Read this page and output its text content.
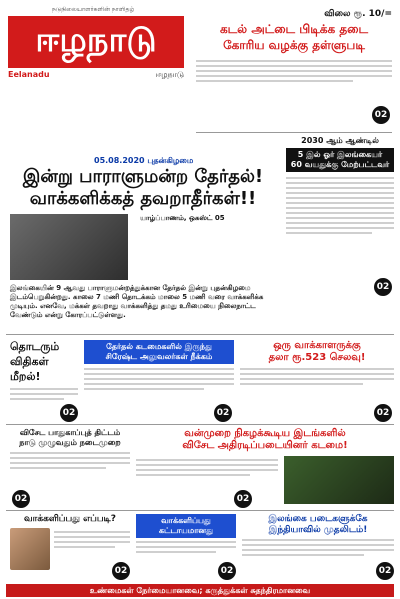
நடுநிலையாளர்களின் நாளிதழ்
ஈழநாடு
Eelanadu	ஈழநாடு
05.08.2020 புதன்கிழமை
விலை ரூ. 10/=
கடல் அட்டை பிடிக்க தடை
கோரிய வழக்கு தள்ளுபடி
02
இன்று பாராளுமன்ற தேர்தல்!
வாக்களிக்கத் தவறாதீர்கள்!!
யாழ்ப்பாணம், ஒகஸ்ட் 05
இலங்கையின் 9 ஆவது பாராளுமன்றத்துக்கான தேர்தல் இன்று புதன்கிழமை இடம்பெறுகின்றது. காலை 7 மணி தொடக்கம் மாலை 5 மணி வரை வாக்களிக்க முடியும். எனவே, மக்கள் தவறாது வாக்களித்து தமது உரிமையை நிலைநாட்ட வேண்டும் என்று கோரப்பட்டுள்ளது.
2030 ஆம் ஆண்டில்
5 இல் ஓர் இலங்கையர்
60 வயதுக்கு மேற்பட்டவர்
02
தொடரும்
விதிகள்
மீறல்!
02
தேர்தல் கடமைகளில் இருந்து
சிரேஷ்ட அலுவலர்கள் நீக்கம்
02
ஒரு வாக்காளருக்கு
தலா ரூ.523 செலவு!
02
விசேட பாதுகாப்புத் திட்டம்
நாடு முழுவதும் நடைமுறை
02
வன்முறை நிகழக்கூடிய இடங்களில்
விசேட அதிரடிப்படையினர் கடமை!
02
வாக்களிப்பது எப்படி?
02
வாக்களிப்பது
கட்டாயமானது
02
இலங்கை படைகளுக்கே
இந்தியாவில் முதலிடம்!
02
உண்மைகள் நேர்மையானவை; கருத்துக்கள் சுதந்திரமானவை
